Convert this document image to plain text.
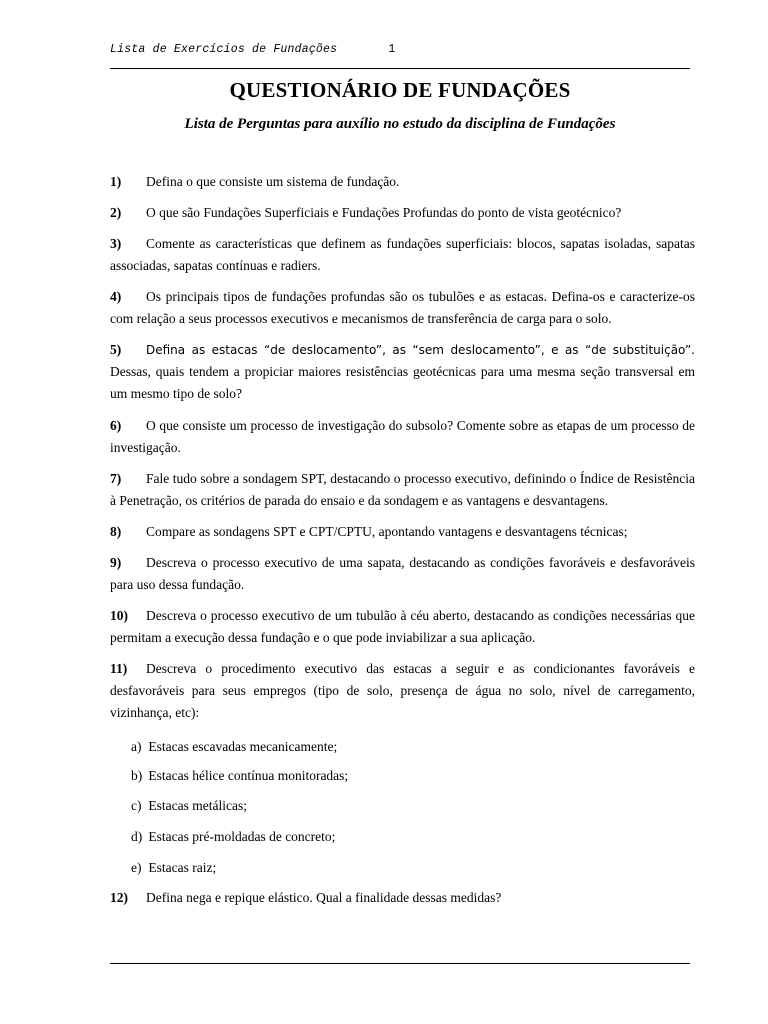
Lista de Exercícios de Fundações	1
QUESTIONÁRIO DE FUNDAÇÕES
Lista de Perguntas para auxílio no estudo da disciplina de Fundações
1) Defina o que consiste um sistema de fundação.
2) O que são Fundações Superficiais e Fundações Profundas do ponto de vista geotécnico?
3) Comente as características que definem as fundações superficiais: blocos, sapatas isoladas, sapatas associadas, sapatas contínuas e radiers.
4) Os principais tipos de fundações profundas são os tubulões e as estacas. Defina-os e caracterize-os com relação a seus processos executivos e mecanismos de transferência de carga para o solo.
5) Defina as estacas “de deslocamento”, as “sem deslocamento”, e as “de substituição”. Dessas, quais tendem a propiciar maiores resistências geotécnicas para uma mesma seção transversal em um mesmo tipo de solo?
6) O que consiste um processo de investigação do subsolo? Comente sobre as etapas de um processo de investigação.
7) Fale tudo sobre a sondagem SPT, destacando o processo executivo, definindo o Índice de Resistência à Penetração, os critérios de parada do ensaio e da sondagem e as vantagens e desvantagens.
8) Compare as sondagens SPT e CPT/CPTU, apontando vantagens e desvantagens técnicas;
9) Descreva o processo executivo de uma sapata, destacando as condições favoráveis e desfavoráveis para uso dessa fundação.
10) Descreva o processo executivo de um tubulão à céu aberto, destacando as condições necessárias que permitam a execução dessa fundação e o que pode inviabilizar a sua aplicação.
11) Descreva o procedimento executivo das estacas a seguir e as condicionantes favoráveis e desfavoráveis para seus empregos (tipo de solo, presença de água no solo, nível de carregamento, vizinhança, etc):
a) Estacas escavadas mecanicamente;
b) Estacas hélice contínua monitoradas;
c) Estacas metálicas;
d) Estacas pré-moldadas de concreto;
e) Estacas raiz;
12) Defina nega e repique elástico. Qual a finalidade dessas medidas?
